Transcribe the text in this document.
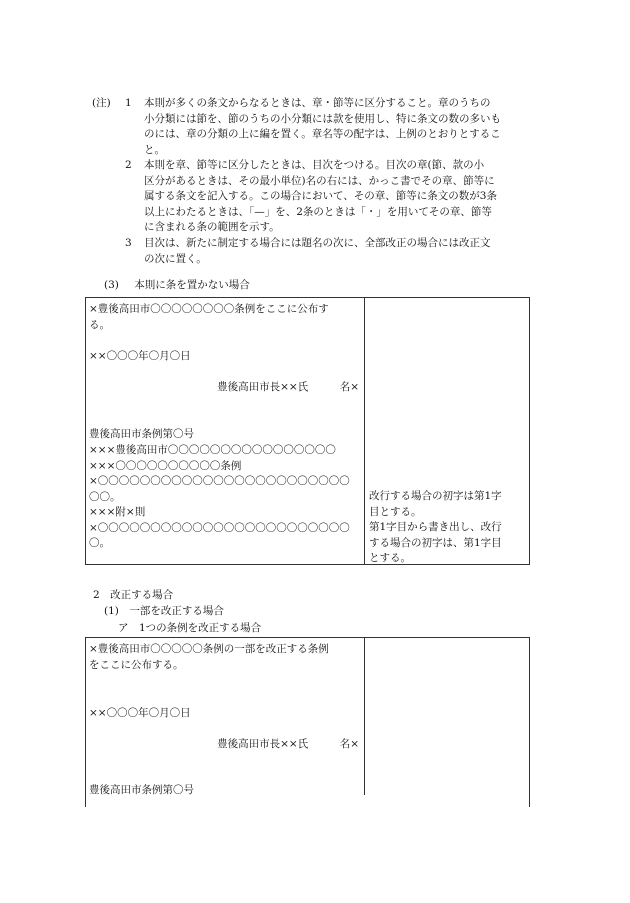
(注) 1 本則が多くの条文からなるときは、章・節等に区分すること。章のうちの
小分類には節を、節のうちの小分類には款を使用し、特に条文の数の多いも
のには、章の分類の上に編を置く。章名等の配字は、上例のとおりとするこ
と。
2 本則を章、節等に区分したときは、目次をつける。目次の章(節、款の小
区分があるときは、その最小単位)名の右には、かっこ書でその章、節等に
属する条文を記入する。この場合において、その章、節等に条文の数が3条
以上にわたるときは、「—」を、2条のときは「・」を用いてその章、節等
に含まれる条の範囲を示す。
3 目次は、新たに制定する場合には題名の次に、全部改正の場合には改正文
の次に置く。
(3) 本則に条を置かない場合
×豊後高田市〇〇〇〇〇〇〇〇条例をここに公布す
る。
××〇〇〇年〇月〇日
豊後高田市長××氏　　　名×
豊後高田市条例第〇号
×××豊後高田市〇〇〇〇〇〇〇〇〇〇〇〇〇〇〇〇
×××〇〇〇〇〇〇〇〇〇〇条例
×〇〇〇〇〇〇〇〇〇〇〇〇〇〇〇〇〇〇〇〇〇〇〇〇
〇〇。
×××附×則
×〇〇〇〇〇〇〇〇〇〇〇〇〇〇〇〇〇〇〇〇〇〇〇〇
〇。
改行する場合の初字は第1字
目とする。
第1字目から書き出し、改行
する場合の初字は、第1字目
とする。
2　改正する場合
(1)　一部を改正する場合
ア　1つの条例を改正する場合
×豊後高田市〇〇〇〇〇条例の一部を改正する条例
をここに公布する。
××〇〇〇年〇月〇日
豊後高田市長××氏　　　名×
豊後高田市条例第〇号
